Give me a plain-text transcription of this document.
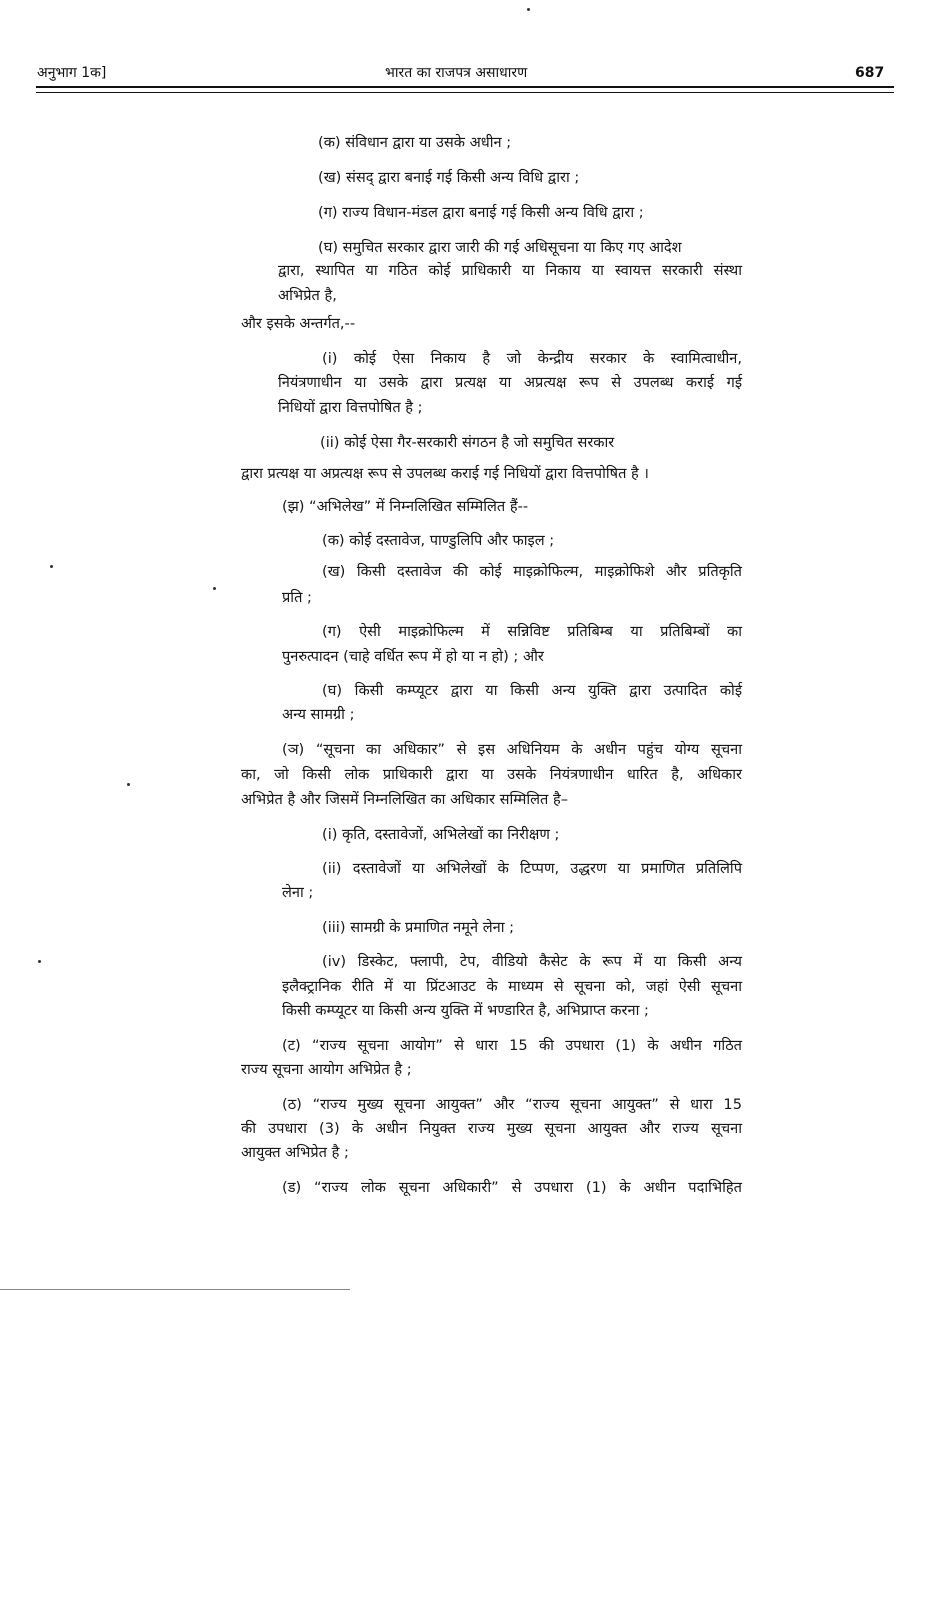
अनुभाग 1क]	भारत का राजपत्र असाधारण	687
(क) संविधान द्वारा या उसके अधीन ;
(ख) संसद् द्वारा बनाई गई किसी अन्य विधि द्वारा ;
(ग) राज्य विधान-मंडल द्वारा बनाई गई किसी अन्य विधि द्वारा ;
(घ) समुचित सरकार द्वारा जारी की गई अधिसूचना या किए गए आदेश
द्वारा, स्थापित या गठित कोई प्राधिकारी या निकाय या स्वायत्त सरकारी संस्था
अभिप्रेत है,
और इसके अन्तर्गत,--
(i) कोई ऐसा निकाय है जो केन्द्रीय सरकार के स्वामित्वाधीन,
नियंत्रणाधीन या उसके द्वारा प्रत्यक्ष या अप्रत्यक्ष रूप से उपलब्ध कराई गई
निधियों द्वारा वित्तपोषित है ;
(ii) कोई ऐसा गैर-सरकारी संगठन है जो समुचित सरकार
द्वारा प्रत्यक्ष या अप्रत्यक्ष रूप से उपलब्ध कराई गई निधियों द्वारा वित्तपोषित है ।
(झ) “अभिलेख” में निम्नलिखित सम्मिलित हैं--
(क) कोई दस्तावेज, पाण्डुलिपि और फाइल ;
(ख) किसी दस्तावेज की कोई माइक्रोफिल्म, माइक्रोफिशे और प्रतिकृति
प्रति ;
(ग) ऐसी माइक्रोफिल्म में सन्निविष्ट प्रतिबिम्ब या प्रतिबिम्बों का
पुनरुत्पादन (चाहे वर्धित रूप में हो या न हो) ; और
(घ) किसी कम्प्यूटर द्वारा या किसी अन्य युक्ति द्वारा उत्पादित कोई
अन्य सामग्री ;
(ञ) “सूचना का अधिकार” से इस अधिनियम के अधीन पहुंच योग्य सूचना
का, जो किसी लोक प्राधिकारी द्वारा या उसके नियंत्रणाधीन धारित है, अधिकार
अभिप्रेत है और जिसमें निम्नलिखित का अधिकार सम्मिलित है–
(i) कृति, दस्तावेजों, अभिलेखों का निरीक्षण ;
(ii) दस्तावेजों या अभिलेखों के टिप्पण, उद्धरण या प्रमाणित प्रतिलिपि
लेना ;
(iii) सामग्री के प्रमाणित नमूने लेना ;
(iv) डिस्केट, फ्लापी, टेप, वीडियो कैसेट के रूप में या किसी अन्य
इलैक्ट्रानिक रीति में या प्रिंटआउट के माध्यम से सूचना को, जहां ऐसी सूचना
किसी कम्प्यूटर या किसी अन्य युक्ति में भण्डारित है, अभिप्राप्त करना ;
(ट) “राज्य सूचना आयोग” से धारा 15 की उपधारा (1) के अधीन गठित
राज्य सूचना आयोग अभिप्रेत है ;
(ठ) “राज्य मुख्य सूचना आयुक्त” और “राज्य सूचना आयुक्त” से धारा 15
की उपधारा (3) के अधीन नियुक्त राज्य मुख्य सूचना आयुक्त और राज्य सूचना
आयुक्त अभिप्रेत है ;
(ड) “राज्य लोक सूचना अधिकारी” से उपधारा (1) के अधीन पदाभिहित
